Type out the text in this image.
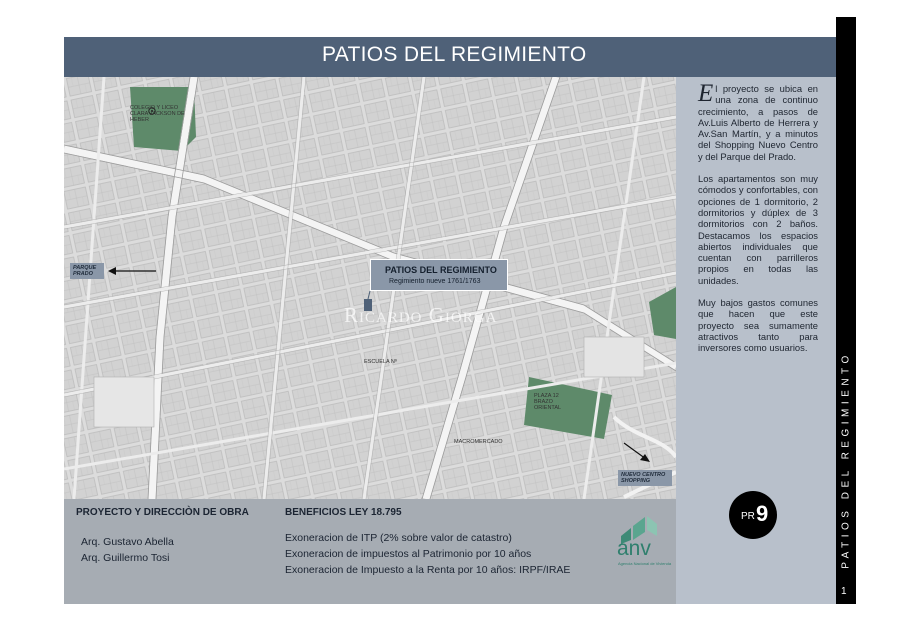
PATIOS DEL REGIMIENTO
COLEGIO Y LICEO CLARA JACKSON DE HEBER
PARQUE PRADO
PLAZA 12 BRAZO ORIENTAL
MACROMERCADO
ESCUELA Nº
NUEVO CENTRO SHOPPING
PATIOS DEL REGIMIENTO
Regimiento nueve 1761/1763
Ricardo Giorga

El proyecto se ubica en una zona de continuo crecimiento, a pasos de Av.Luis Alberto de Herrera y Av.San Martín, y a minutos del Shopping Nuevo Centro y del Parque del Prado.

Los apartamentos son muy cómodos y confortables, con opciones de 1 dormitorio, 2 dormitorios y dúplex de 3 dormitorios con 2 baños. Destacamos los espacios abiertos individuales que cuentan con parrilleros propios en todas las unidades.

Muy bajos gastos comunes que hacen que este proyecto sea sumamente atractivos tanto para inversores como usuarios.

PR 9
PROYECTO Y DIRECCIÒN DE OBRA
Arq. Gustavo Abella
Arq. Guillermo Tosi
BENEFICIOS LEY 18.795
Exoneracion de ITP (2% sobre valor de catastro)
Exoneracion de impuestos al Patrimonio por 10 años
Exoneracion de Impuesto a la Renta por 10 años: IRPF/IRAE
anv
Agencia Nacional de Vivienda	PATIOS DEL REGIMIENTO
1
